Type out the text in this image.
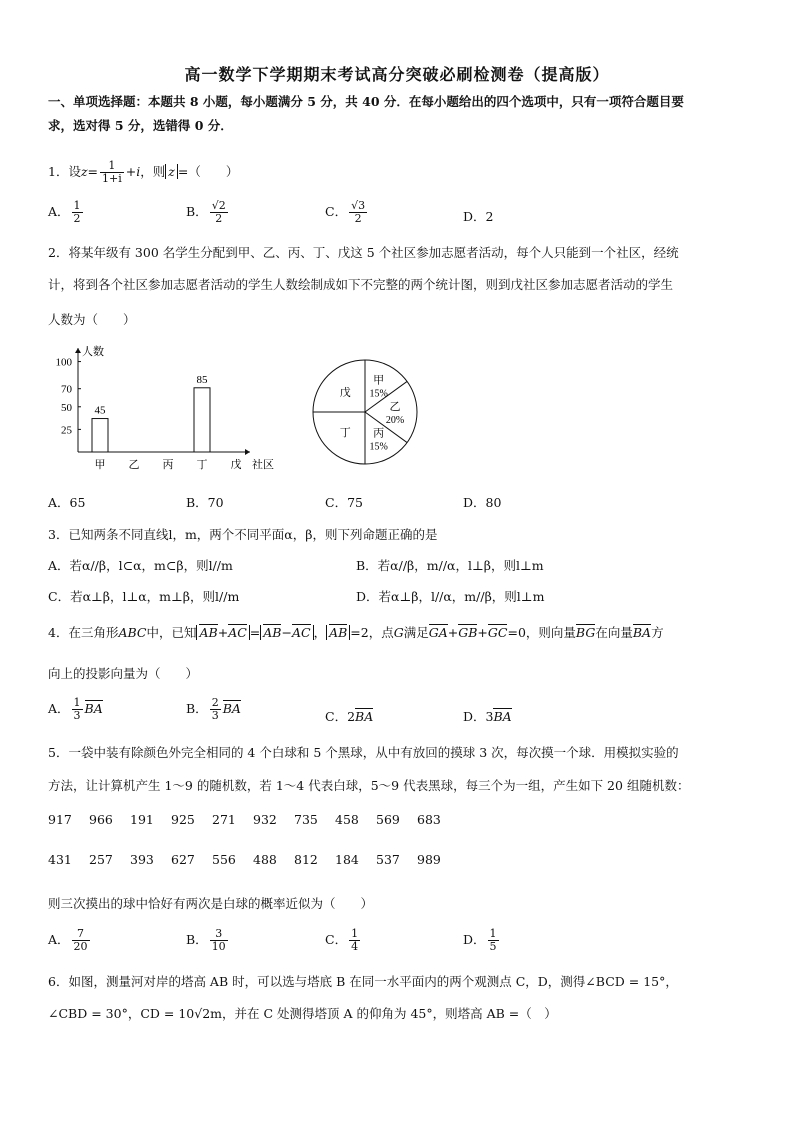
高一数学下学期期末考试高分突破必刷检测卷（提高版）
一、单项选择题：本题共 8 小题，每小题满分 5 分，共 40 分．在每小题给出的四个选项中，只有一项符合题目要
求，选对得 5 分，选错得 0 分．
1．设$z= \frac{1}{1+i} +i$，则 z =（　　）
A． $\frac{1}{2}$	B． $\frac{√2}{2}$	C． $\frac{√3}{2}$	D．2
2．将某年级有 300 名学生分配到甲、乙、丙、丁、戊这 5 个社区参加志愿者活动，每个人只能到一个社区，经统
计，将到各个社区参加志愿者活动的学生人数绘制成如下不完整的两个统计图，则到戊社区参加志愿者活动的学生
人数为（　　）
人数
社区
25
50
70
100
甲
45
乙 丙 丁
85
戊
甲
15%
乙
20%
丙
15%
丁
戊
A．65	B．70	C．75	D．80
3．已知两条不同直线l，m，两个不同平面α，β，则下列命题正确的是
A．若α//β，l⊂α，m⊂β，则l//m	B．若α//β，m//α，l⊥β，则l⊥m
C．若α⊥β，l⊥α，m⊥β，则l//m	D．若α⊥β，l//α，m//β，则l⊥m
4．在三角形ABC中，已知 AB+AC = AB−AC ， AB =2，点G满足GA+GB+GC=0，则向量BG在向量BA方
向上的投影向量为（　　）
A． $\frac{1}{3}$ BA	B． $\frac{2}{3}$ BA
C．2BA	D．3BA
5．一袋中装有除颜色外完全相同的 4 个白球和 5 个黑球，从中有放回的摸球 3 次，每次摸一个球．用模拟实验的
方法，让计算机产生 1～9 的随机数，若 1～4 代表白球，5～9 代表黑球，每三个为一组，产生如下 20 组随机数：
917 966 191 925 271 932 735 458 569 683
431 257 393 627 556 488 812 184 537 989
则三次摸出的球中恰好有两次是白球的概率近似为（　　）
A． $\frac{7}{20}$	B． $\frac{3}{10}$	C． $\frac{1}{4}$	D． $\frac{1}{5}$
6．如图，测量河对岸的塔高 AB 时，可以选与塔底 B 在同一水平面内的两个观测点 C，D，测得∠BCD = 15°，
∠CBD = 30°，CD = 10√2m，并在 C 处测得塔顶 A 的仰角为 45°，则塔高 AB =（　）
